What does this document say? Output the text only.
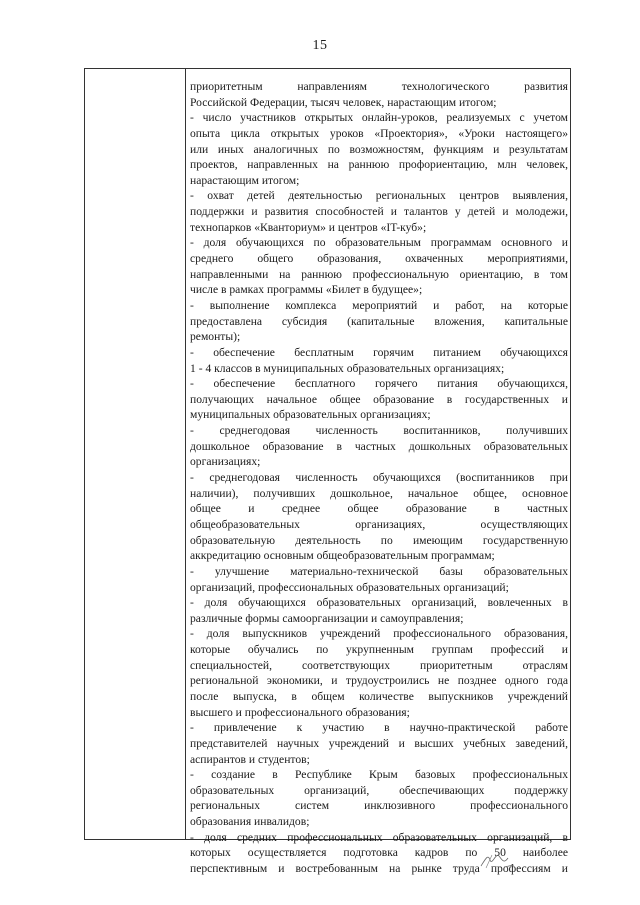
15
приоритетным направлениям технологического развития
Российской Федерации, тысяч человек, нарастающим итогом;
- число участников открытых онлайн-уроков, реализуемых с учетом
опыта цикла открытых уроков «Проектория», «Уроки настоящего»
или иных аналогичных по возможностям, функциям и результатам
проектов, направленных на раннюю профориентацию, млн человек,
нарастающим итогом;
- охват детей деятельностью региональных центров выявления,
поддержки и развития способностей и талантов у детей и молодежи,
технопарков «Кванториум» и центров «IT-куб»;
- доля обучающихся по образовательным программам основного и
среднего общего образования, охваченных мероприятиями,
направленными на раннюю профессиональную ориентацию, в том
числе в рамках программы «Билет в будущее»;
- выполнение комплекса мероприятий и работ, на которые
предоставлена субсидия (капитальные вложения, капитальные
ремонты);
- обеспечение бесплатным горячим питанием обучающихся
1 - 4 классов в муниципальных образовательных организациях;
- обеспечение бесплатного горячего питания обучающихся,
получающих начальное общее образование в государственных и
муниципальных образовательных организациях;
- среднегодовая численность воспитанников, получивших
дошкольное образование в частных дошкольных образовательных
организациях;
- среднегодовая численность обучающихся (воспитанников при
наличии), получивших дошкольное, начальное общее, основное
общее и среднее общее образование в частных
общеобразовательных организациях, осуществляющих
образовательную деятельность по имеющим государственную
аккредитацию основным общеобразовательным программам;
- улучшение материально-технической базы образовательных
организаций, профессиональных образовательных организаций;
- доля обучающихся образовательных организаций, вовлеченных в
различные формы самоорганизации и самоуправления;
- доля выпускников учреждений профессионального образования,
которые обучались по укрупненным группам профессий и
специальностей, соответствующих приоритетным отраслям
региональной экономики, и трудоустроились не позднее одного года
после выпуска, в общем количестве выпускников учреждений
высшего и профессионального образования;
- привлечение к участию в научно-практической работе
представителей научных учреждений и высших учебных заведений,
аспирантов и студентов;
- создание в Республике Крым базовых профессиональных
образовательных организаций, обеспечивающих поддержку
региональных систем инклюзивного профессионального
образования инвалидов;
- доля средних профессиональных образовательных организаций, в
которых осуществляется подготовка кадров по 50 наиболее
перспективным и востребованным на рынке труда профессиям и
